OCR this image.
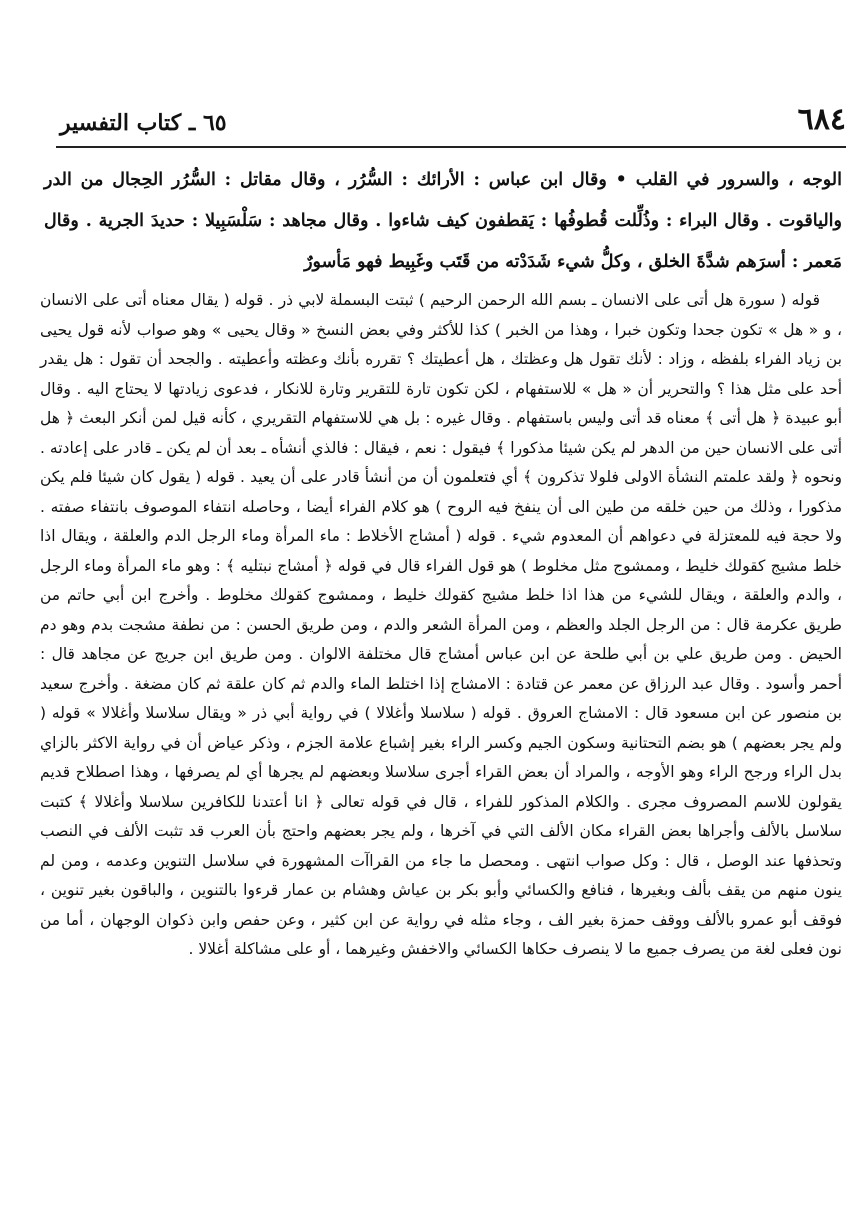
٦٨٤
٦٥ ـ كتاب التفسير

الوجه ، والسرور في القلب • وقال ابن عباس : الأرائك : السُّرُر ، وقال مقاتل : السُّرُر الحِجال من الدر والياقوت . وقال البراء : وذُلِّلت قُطوفُها : يَقطفون كيف شاءوا . وقال مجاهد : سَلْسَبِيلا : حديدَ الجرية . وقال مَعمر : أسرَهم شدَّةَ الخلق ، وكلُّ شيء شَدَدْته من قَتَب وغَبِيط فهو مَأسورٌ

قوله ( سورة هل أتى على الانسان ـ بسم الله الرحمن الرحيم ) ثبتت البسملة لابي ذر . قوله ( يقال معناه أتى على الانسان ، و « هل » تكون جحدا وتكون خبرا ، وهذا من الخبر ) كذا للأكثر وفي بعض النسخ « وقال يحيى » وهو صواب لأنه قول يحيى بن زياد الفراء بلفظه ، وزاد : لأنك تقول هل وعظتك ، هل أعطيتك ؟ تقرره بأنك وعظته وأعطيته . والجحد أن تقول : هل يقدر أحد على مثل هذا ؟ والتحرير أن « هل » للاستفهام ، لكن تكون تارة للتقرير وتارة للانكار ، فدعوى زيادتها لا يحتاج اليه . وقال أبو عبيدة ﴿ هل أتى ﴾ معناه قد أتى وليس باستفهام . وقال غيره : بل هي للاستفهام التقريري ، كأنه قيل لمن أنكر البعث ﴿ هل أتى على الانسان حين من الدهر لم يكن شيئا مذكورا ﴾ فيقول : نعم ، فيقال : فالذي أنشأه ـ بعد أن لم يكن ـ قادر على إعادته . ونحوه ﴿ ولقد علمتم النشأة الاولى فلولا تذكرون ﴾ أي فتعلمون أن من أنشأ قادر على أن يعيد . قوله ( يقول كان شيئا فلم يكن مذكورا ، وذلك من حين خلقه من طين الى أن ينفخ فيه الروح ) هو كلام الفراء أيضا ، وحاصله انتفاء الموصوف بانتفاء صفته . ولا حجة فيه للمعتزلة في دعواهم أن المعدوم شيء . قوله ( أمشاج الأخلاط : ماء المرأة وماء الرجل الدم والعلقة ، ويقال اذا خلط مشيج كقولك خليط ، وممشوج مثل مخلوط ) هو قول الفراء قال في قوله ﴿ أمشاج نبتليه ﴾ : وهو ماء المرأة وماء الرجل ، والدم والعلقة ، ويقال للشيء من هذا اذا خلط مشيج كقولك خليط ، وممشوج كقولك مخلوط . وأخرج ابن أبي حاتم من طريق عكرمة قال : من الرجل الجلد والعظم ، ومن المرأة الشعر والدم ، ومن طريق الحسن : من نطفة مشجت بدم وهو دم الحيض . ومن طريق علي بن أبي طلحة عن ابن عباس أمشاج قال مختلفة الالوان . ومن طريق ابن جريج عن مجاهد قال : أحمر وأسود . وقال عبد الرزاق عن معمر عن قتادة : الامشاج إذا اختلط الماء والدم ثم كان علقة ثم كان مضغة . وأخرج سعيد بن منصور عن ابن مسعود قال : الامشاج العروق . قوله ( سلاسلا وأغلالا ) في رواية أبي ذر « ويقال سلاسلا وأغلالا » قوله ( ولم يجر بعضهم ) هو بضم التحتانية وسكون الجيم وكسر الراء بغير إشباع علامة الجزم ، وذكر عياض أن في رواية الاكثر بالزاي بدل الراء ورجح الراء وهو الأوجه ، والمراد أن بعض القراء أجرى سلاسلا وبعضهم لم يجرها أي لم يصرفها ، وهذا اصطلاح قديم يقولون للاسم المصروف مجرى . والكلام المذكور للفراء ، قال في قوله تعالى ﴿ انا أعتدنا للكافرين سلاسلا وأغلالا ﴾ كتبت سلاسل بالألف وأجراها بعض القراء مكان الألف التي في آخرها ، ولم يجر بعضهم واحتج بأن العرب قد تثبت الألف في النصب وتحذفها عند الوصل ، قال : وكل صواب انتهى . ومحصل ما جاء من القراآت المشهورة في سلاسل التنوين وعدمه ، ومن لم ينون منهم من يقف بألف وبغيرها ، فنافع والكسائي وأبو بكر بن عياش وهشام بن عمار قرءوا بالتنوين ، والباقون بغير تنوين ، فوقف أبو عمرو بالألف ووقف حمزة بغير الف ، وجاء مثله في رواية عن ابن كثير ، وعن حفص وابن ذكوان الوجهان ، أما من نون فعلى لغة من يصرف جميع ما لا ينصرف حكاها الكسائي والاخفش وغيرهما ، أو على مشاكلة أغلالا .
